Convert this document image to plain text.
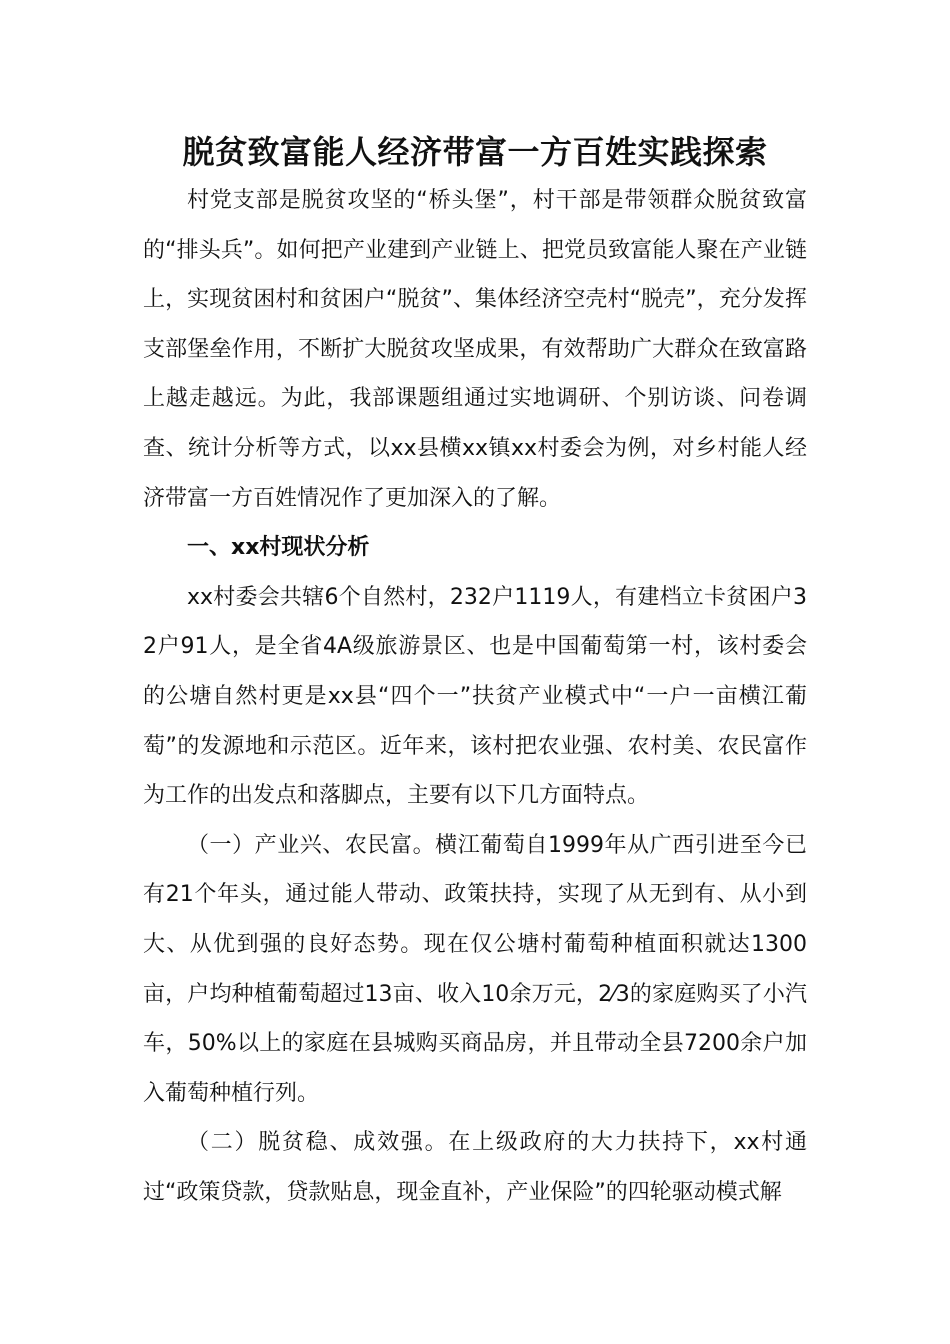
脱贫致富能人经济带富一方百姓实践探索

村党支部是脱贫攻坚的“桥头堡”，村干部是带领群众脱贫致富的“排头兵”。如何把产业建到产业链上、把党员致富能人聚在产业链上，实现贫困村和贫困户“脱贫”、集体经济空壳村“脱壳”，充分发挥支部堡垒作用，不断扩大脱贫攻坚成果，有效帮助广大群众在致富路上越走越远。为此，我部课题组通过实地调研、个别访谈、问卷调查、统计分析等方式，以xx县横xx镇xx村委会为例，对乡村能人经济带富一方百姓情况作了更加深入的了解。

一、xx村现状分析

xx村委会共辖6个自然村，232户1119人，有建档立卡贫困户32户91人，是全省4A级旅游景区、也是中国葡萄第一村，该村委会的公塘自然村更是xx县“四个一”扶贫产业模式中“一户一亩横江葡萄”的发源地和示范区。近年来，该村把农业强、农村美、农民富作为工作的出发点和落脚点，主要有以下几方面特点。

（一）产业兴、农民富。横江葡萄自1999年从广西引进至今已有21个年头，通过能人带动、政策扶持，实现了从无到有、从小到大、从优到强的良好态势。现在仅公塘村葡萄种植面积就达1300亩，户均种植葡萄超过13亩、收入10余万元，2⁄3的家庭购买了小汽车，50%以上的家庭在县城购买商品房，并且带动全县7200余户加入葡萄种植行列。

（二）脱贫稳、成效强。在上级政府的大力扶持下，xx村通过“政策贷款，贷款贴息，现金直补，产业保险”的四轮驱动模式解
